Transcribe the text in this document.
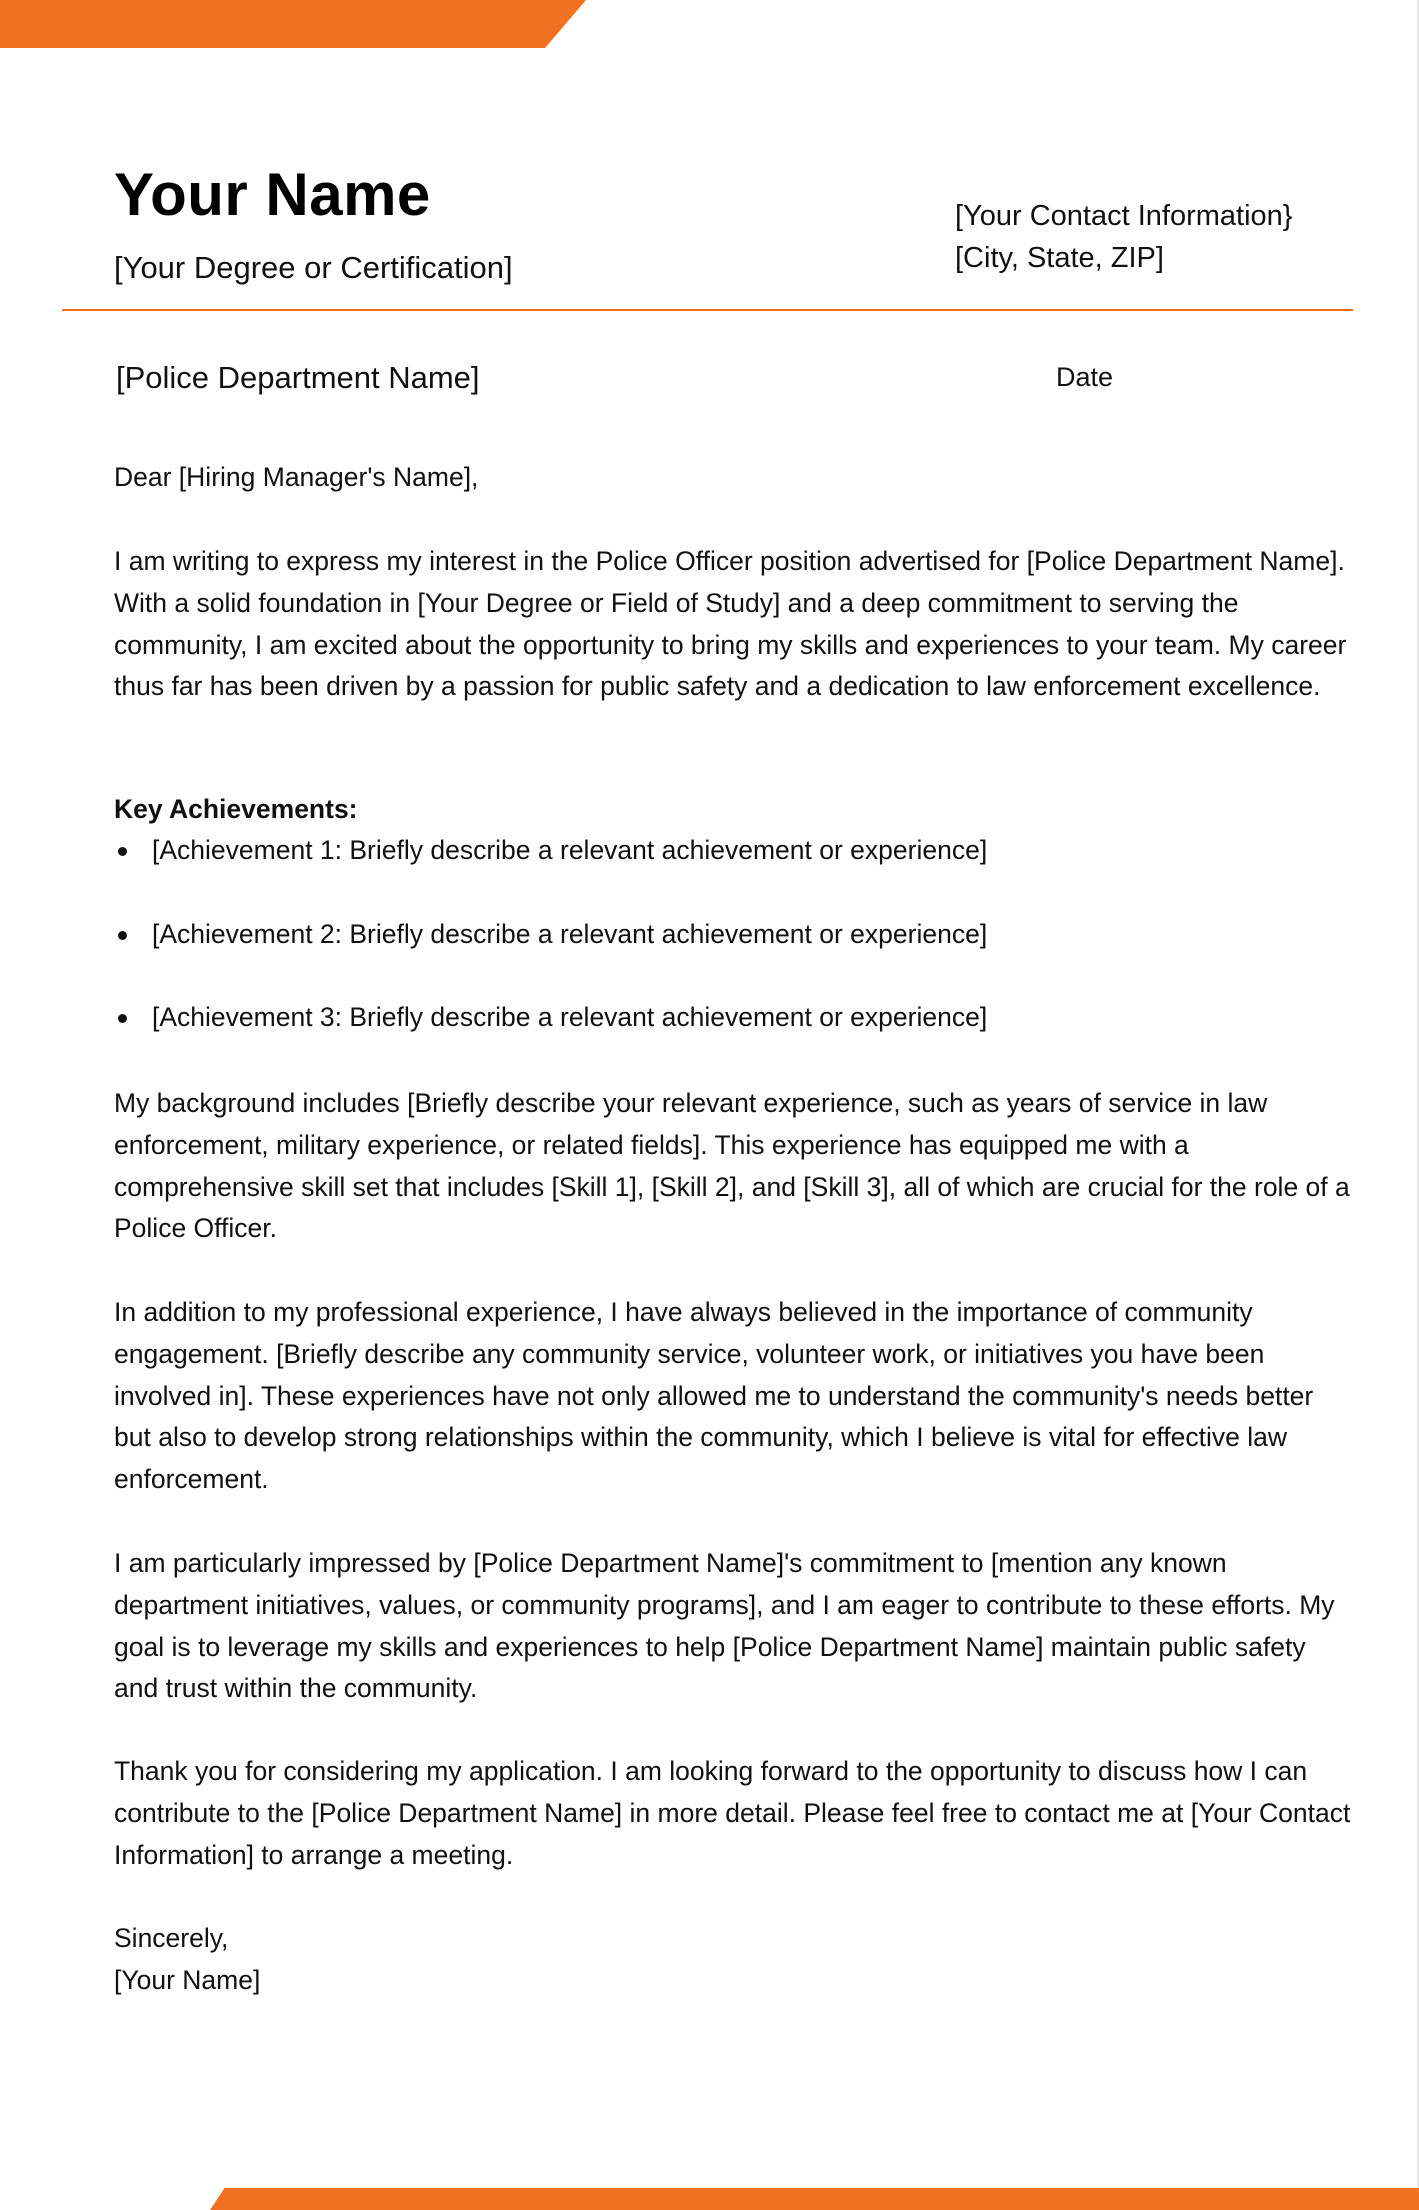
Your Name
[Your Degree or Certification]
[Your Contact Information}
[City, State, ZIP]
[Police Department Name]	Date
Dear [Hiring Manager's Name],

I am writing to express my interest in the Police Officer position advertised for [Police Department Name]. With a solid foundation in [Your Degree or Field of Study] and a deep commitment to serving the community, I am excited about the opportunity to bring my skills and experiences to your team. My career thus far has been driven by a passion for public safety and a dedication to law enforcement excellence.

Key Achievements:
[Achievement 1: Briefly describe a relevant achievement or experience]
[Achievement 2: Briefly describe a relevant achievement or experience]
[Achievement 3: Briefly describe a relevant achievement or experience]

My background includes [Briefly describe your relevant experience, such as years of service in law enforcement, military experience, or related fields]. This experience has equipped me with a comprehensive skill set that includes [Skill 1], [Skill 2], and [Skill 3], all of which are crucial for the role of a Police Officer.

In addition to my professional experience, I have always believed in the importance of community engagement. [Briefly describe any community service, volunteer work, or initiatives you have been involved in]. These experiences have not only allowed me to understand the community's needs better but also to develop strong relationships within the community, which I believe is vital for effective law enforcement.

I am particularly impressed by [Police Department Name]'s commitment to [mention any known department initiatives, values, or community programs], and I am eager to contribute to these efforts. My goal is to leverage my skills and experiences to help [Police Department Name] maintain public safety and trust within the community.

Thank you for considering my application. I am looking forward to the opportunity to discuss how I can contribute to the [Police Department Name] in more detail. Please feel free to contact me at [Your Contact Information] to arrange a meeting.

Sincerely,
[Your Name]
